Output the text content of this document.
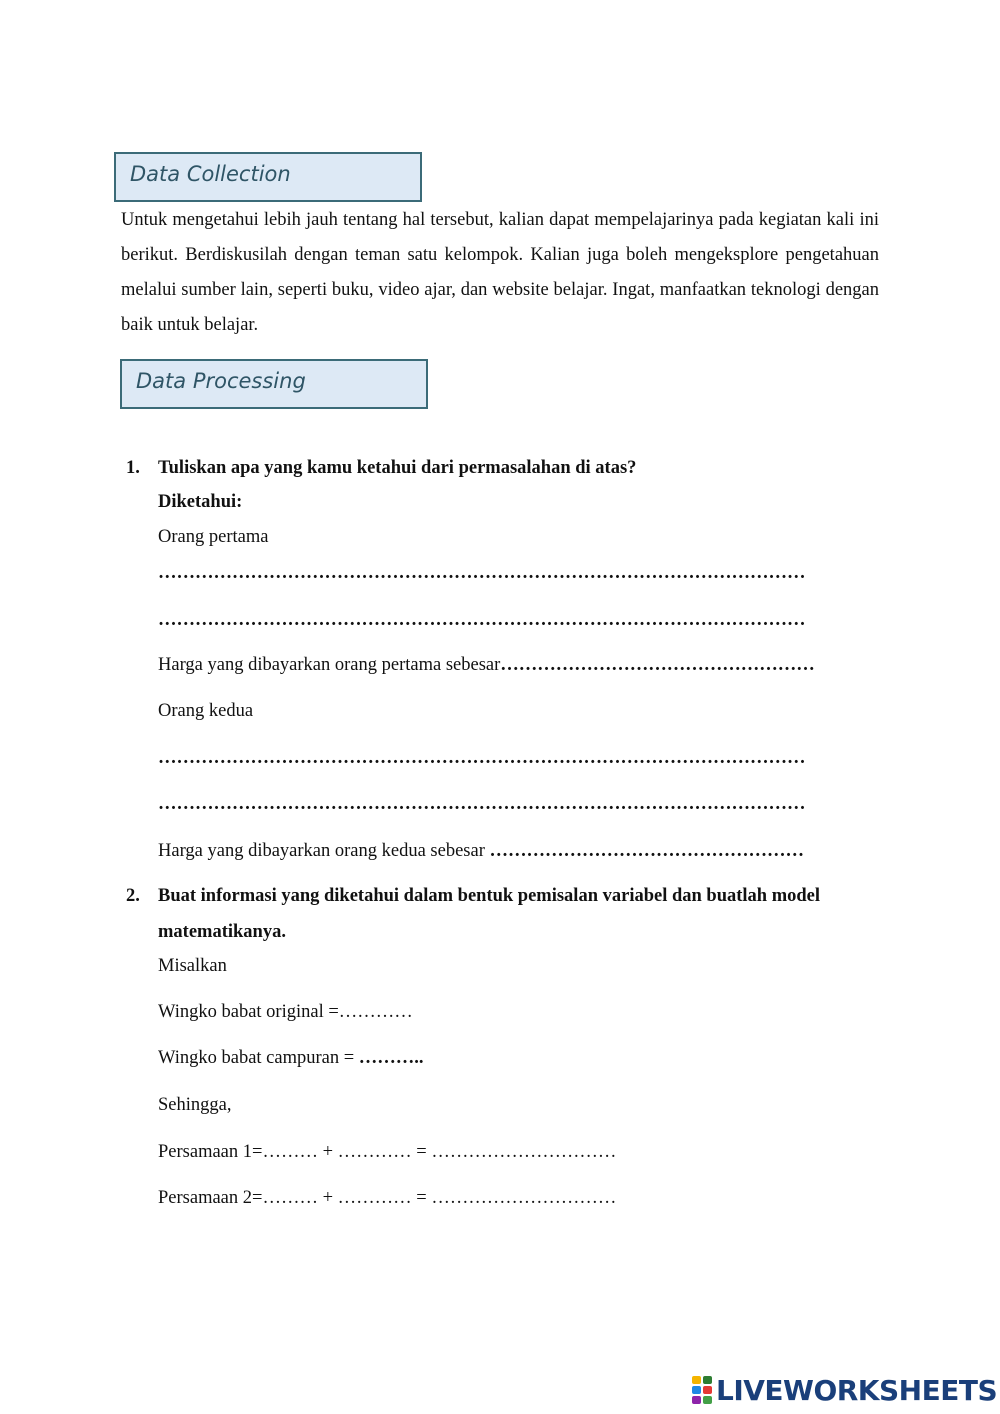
Data Collection
Untuk mengetahui lebih jauh tentang hal tersebut, kalian dapat mempelajarinya pada kegiatan kali ini berikut. Berdiskusilah dengan teman satu kelompok. Kalian juga boleh mengeksplore pengetahuan melalui sumber lain, seperti buku, video ajar, dan website belajar. Ingat, manfaatkan teknologi dengan baik untuk belajar.
Data Processing
1. Tuliskan apa yang kamu ketahui dari permasalahan di atas?
Diketahui:
Orang pertama
……………………………………………………………………………………………
……………………………………………………………………………………………
Harga yang dibayarkan orang pertama sebesar……………………………………………
Orang kedua
……………………………………………………………………………………………
……………………………………………………………………………………………
Harga yang dibayarkan orang kedua sebesar ……………………………………………
2. Buat informasi yang diketahui dalam bentuk pemisalan variabel dan buatlah model
matematikanya.
Misalkan
Wingko babat original =…………
Wingko babat campuran = ………..
Sehingga,
Persamaan 1=……… + ………… = …………………………
Persamaan 2=……… + ………… = …………………………
LIVEWORKSHEETS
